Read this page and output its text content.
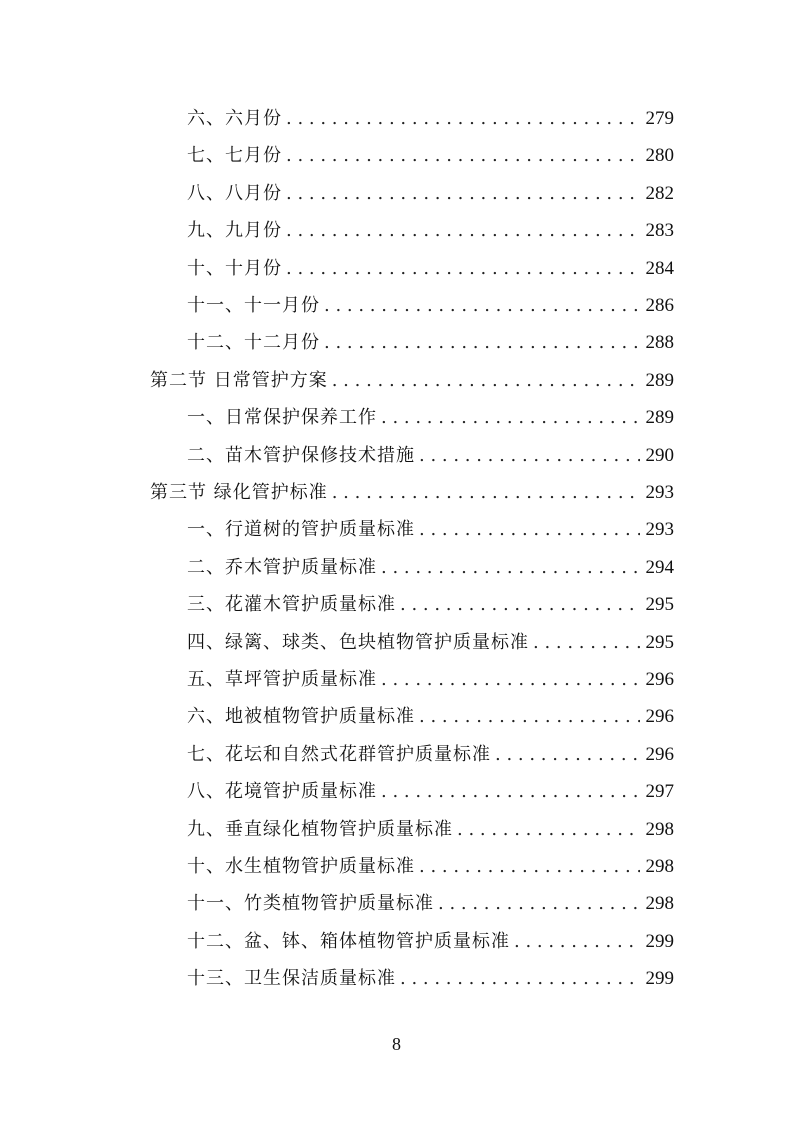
六、六月份 . . .	279
七、七月份 . . .	280
八、八月份 . . .	282
九、九月份 . . .	283
十、十月份 . . .	284
十一、十一月份 . . .	286
十二、十二月份 . . .	288
第二节 日常管护方案 . . .	289
一、日常保护保养工作 . . .	289
二、苗木管护保修技术措施 . . .	290
第三节 绿化管护标准 . . .	293
一、行道树的管护质量标准 . . .	293
二、乔木管护质量标准 . . .	294
三、花灌木管护质量标准 . . .	295
四、绿篱、球类、色块植物管护质量标准 . . .	295
五、草坪管护质量标准 . . .	296
六、地被植物管护质量标准 . . .	296
七、花坛和自然式花群管护质量标准 . . .	296
八、花境管护质量标准 . . .	297
九、垂直绿化植物管护质量标准 . . .	298
十、水生植物管护质量标准 . . .	298
十一、竹类植物管护质量标准 . . .	298
十二、盆、钵、箱体植物管护质量标准 . . .	299
十三、卫生保洁质量标准 . . .	299
8
